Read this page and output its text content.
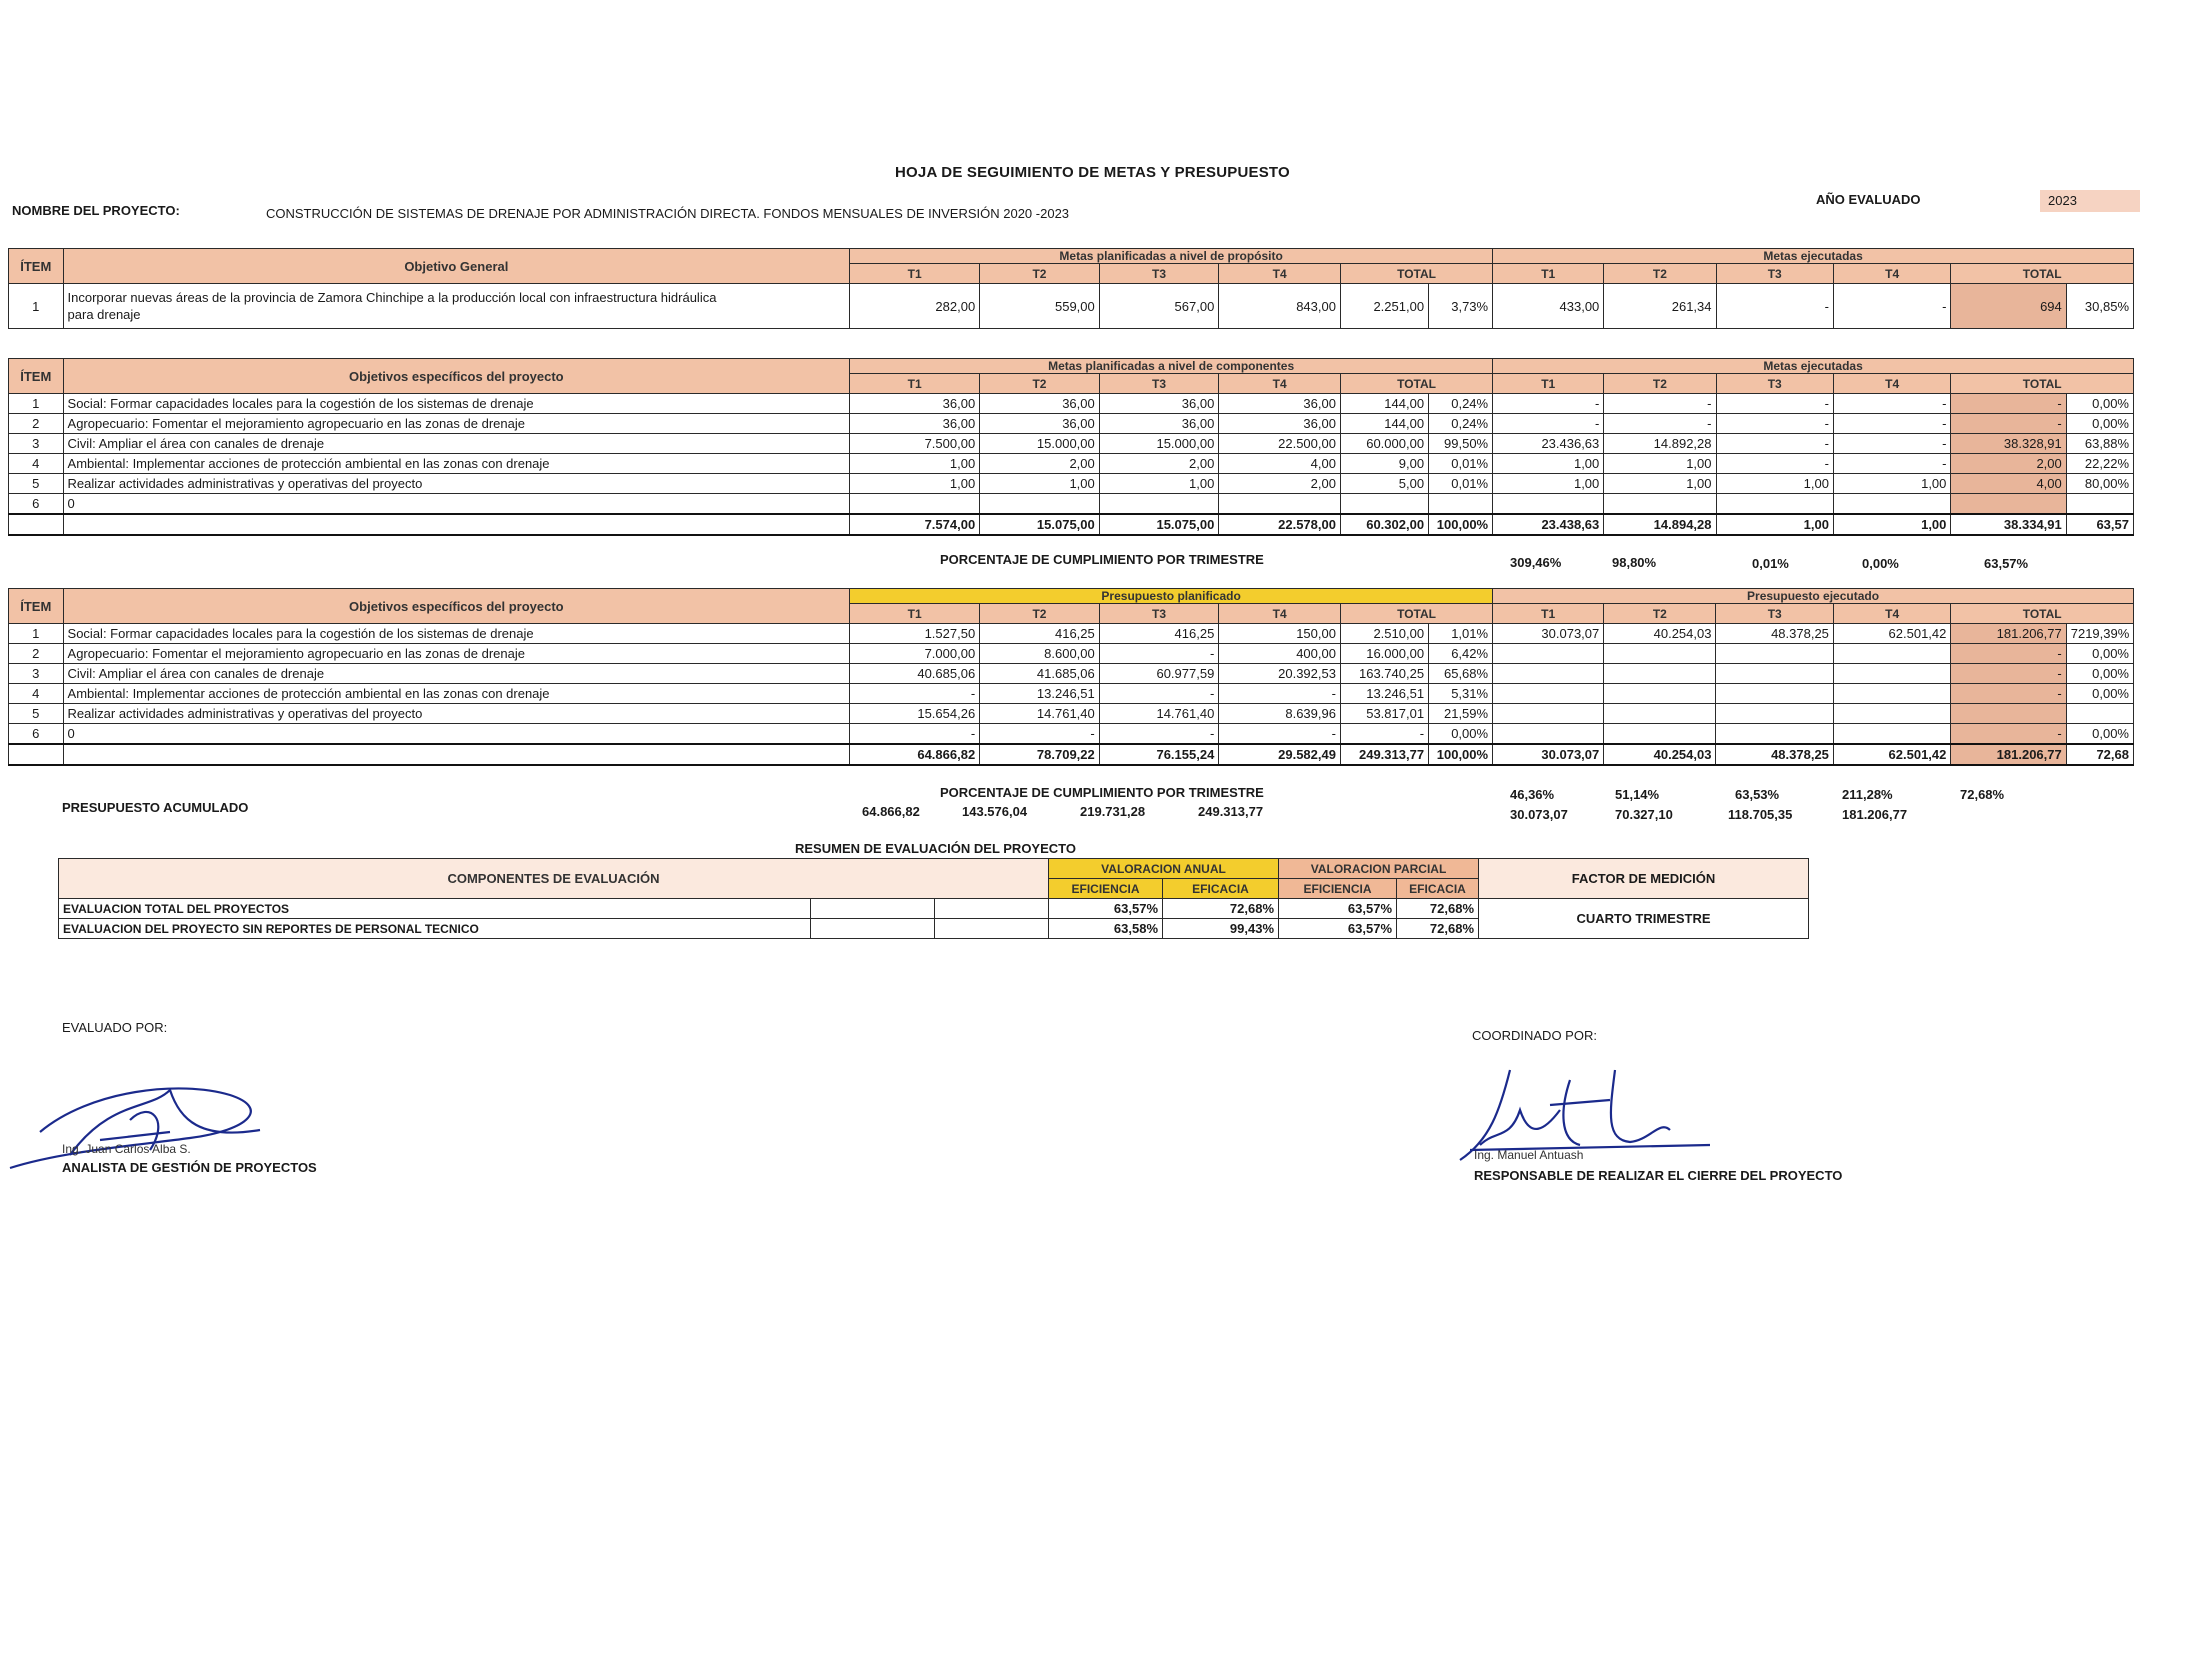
HOJA DE SEGUIMIENTO DE METAS Y PRESUPUESTO
NOMBRE DEL PROYECTO:	CONSTRUCCIÓN DE SISTEMAS DE DRENAJE POR ADMINISTRACIÓN DIRECTA. FONDOS MENSUALES DE INVERSIÓN 2020 -2023
AÑO EVALUADO	2023
ÍTEM	Objetivo General	Metas planificadas a nivel de propósito						Metas ejecutadas					
		T1	T2	T3	T4	TOTAL		T1	T2	T3	T4	TOTAL	
1	Incorporar nuevas áreas de la provincia de Zamora Chinchipe a la producción local con infraestructura hidráulica
para drenaje	282,00	559,00	567,00	843,00	2.251,00	3,73%	433,00	261,34	-	-	694	30,85%
ÍTEM	Objetivos específicos del proyecto	Metas planificadas a nivel de componentes						Metas ejecutadas					
		T1	T2	T3	T4	TOTAL		T1	T2	T3	T4	TOTAL	
1	Social: Formar capacidades locales para la cogestión de los sistemas de drenaje	36,00	36,00	36,00	36,00	144,00	0,24%	-	-	-	-	-	0,00%
2	Agropecuario: Fomentar el mejoramiento agropecuario en las zonas de drenaje	36,00	36,00	36,00	36,00	144,00	0,24%	-	-	-	-	-	0,00%
3	Civil: Ampliar el área con canales de drenaje	7.500,00	15.000,00	15.000,00	22.500,00	60.000,00	99,50%	23.436,63	14.892,28	-	-	38.328,91	63,88%
4	Ambiental: Implementar acciones de protección ambiental en las zonas con drenaje	1,00	2,00	2,00	4,00	9,00	0,01%	1,00	1,00	-	-	2,00	22,22%
5	Realizar actividades administrativas y operativas del proyecto	1,00	1,00	1,00	2,00	5,00	0,01%	1,00	1,00	1,00	1,00	4,00	80,00%
6	0												
		7.574,00	15.075,00	15.075,00	22.578,00	60.302,00	100,00%	23.438,63	14.894,28	1,00	1,00	38.334,91	63,57
PORCENTAJE DE CUMPLIMIENTO POR TRIMESTRE	309,46%	98,80%	0,01%	0,00%	63,57%
ÍTEM	Objetivos específicos del proyecto	Presupuesto planificado						Presupuesto ejecutado					
		T1	T2	T3	T4	TOTAL		T1	T2	T3	T4	TOTAL	
1	Social: Formar capacidades locales para la cogestión de los sistemas de drenaje	1.527,50	416,25	416,25	150,00	2.510,00	1,01%	30.073,07	40.254,03	48.378,25	62.501,42	181.206,77	7219,39%
2	Agropecuario: Fomentar el mejoramiento agropecuario en las zonas de drenaje	7.000,00	8.600,00	-	400,00	16.000,00	6,42%					-	0,00%
3	Civil: Ampliar el área con canales de drenaje	40.685,06	41.685,06	60.977,59	20.392,53	163.740,25	65,68%					-	0,00%
4	Ambiental: Implementar acciones de protección ambiental en las zonas con drenaje	-	13.246,51	-	-	13.246,51	5,31%					-	0,00%
5	Realizar actividades administrativas y operativas del proyecto	15.654,26	14.761,40	14.761,40	8.639,96	53.817,01	21,59%						
6	0	-	-	-	-	-	0,00%					-	0,00%
		64.866,82	78.709,22	76.155,24	29.582,49	249.313,77	100,00%	30.073,07	40.254,03	48.378,25	62.501,42	181.206,77	72,68
PORCENTAJE DE CUMPLIMIENTO POR TRIMESTRE	46,36%	51,14%	63,53%	211,28%	72,68%
PRESUPUESTO ACUMULADO	64.866,82	143.576,04	219.731,28	249.313,77	30.073,07	70.327,10	118.705,35	181.206,77
RESUMEN DE EVALUACIÓN DEL PROYECTO
COMPONENTES DE EVALUACIÓN			VALORACION ANUAL		VALORACION PARCIAL		FACTOR DE MEDICIÓN
			EFICIENCIA	EFICACIA	EFICIENCIA	EFICACIA	
EVALUACION TOTAL DEL PROYECTOS			63,57%	72,68%	63,57%	72,68%	CUARTO TRIMESTRE
EVALUACION DEL PROYECTO SIN REPORTES DE PERSONAL TECNICO			63,58%	99,43%	63,57%	72,68%	
EVALUADO POR:
Ing. Juan Carlos Alba S.
ANALISTA DE GESTIÓN DE PROYECTOS
COORDINADO POR:
Ing. Manuel Antuash
RESPONSABLE DE REALIZAR EL CIERRE DEL PROYECTO
